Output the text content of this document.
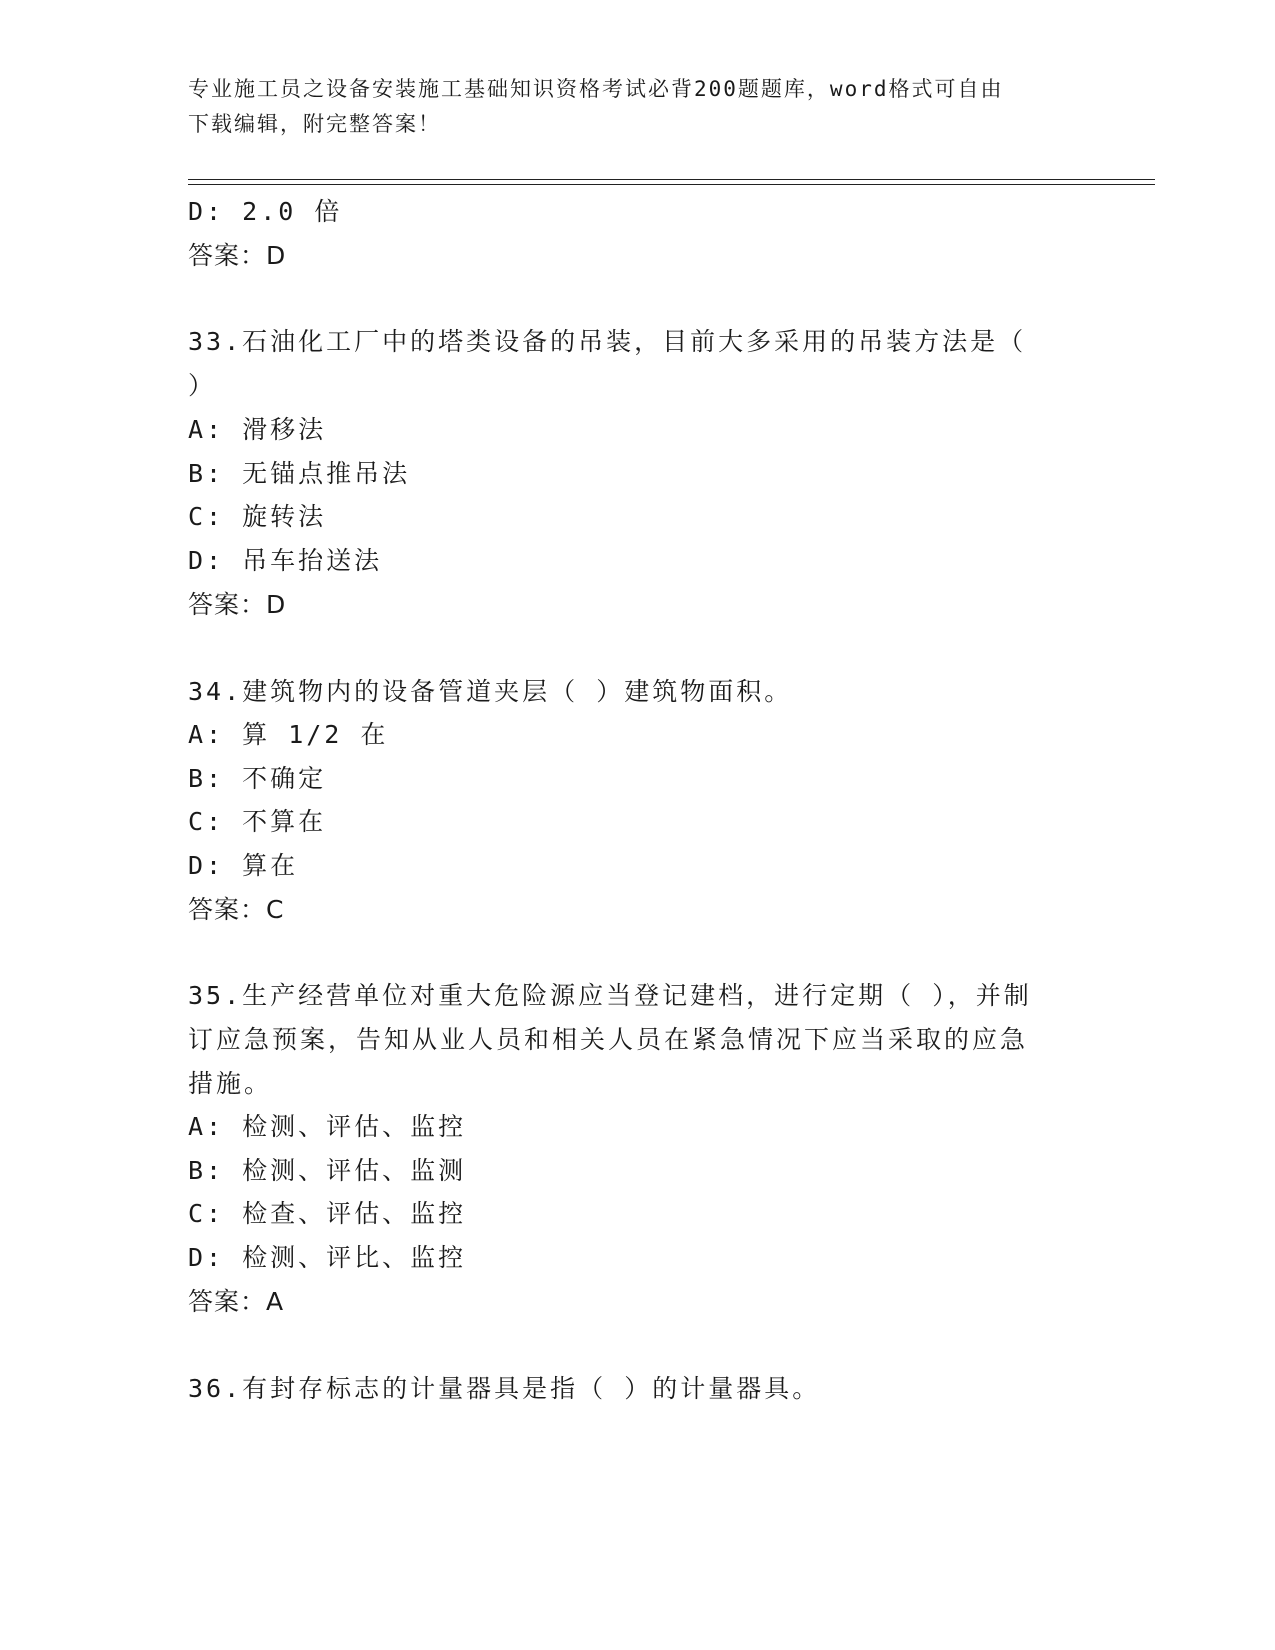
专业施工员之设备安装施工基础知识资格考试必背200题题库，word格式可自由
下载编辑，附完整答案！
D: 2.0 倍
答案：D
33.石油化工厂中的塔类设备的吊装，目前大多采用的吊装方法是（
）
A: 滑移法
B: 无锚点推吊法
C: 旋转法
D: 吊车抬送法
答案：D
34.建筑物内的设备管道夹层（ ）建筑物面积。
A: 算 1/2 在
B: 不确定
C: 不算在
D: 算在
答案：C
35.生产经营单位对重大危险源应当登记建档，进行定期（ ），并制
订应急预案，告知从业人员和相关人员在紧急情况下应当采取的应急
措施。
A: 检测、评估、监控
B: 检测、评估、监测
C: 检查、评估、监控
D: 检测、评比、监控
答案：A
36.有封存标志的计量器具是指（ ）的计量器具。
